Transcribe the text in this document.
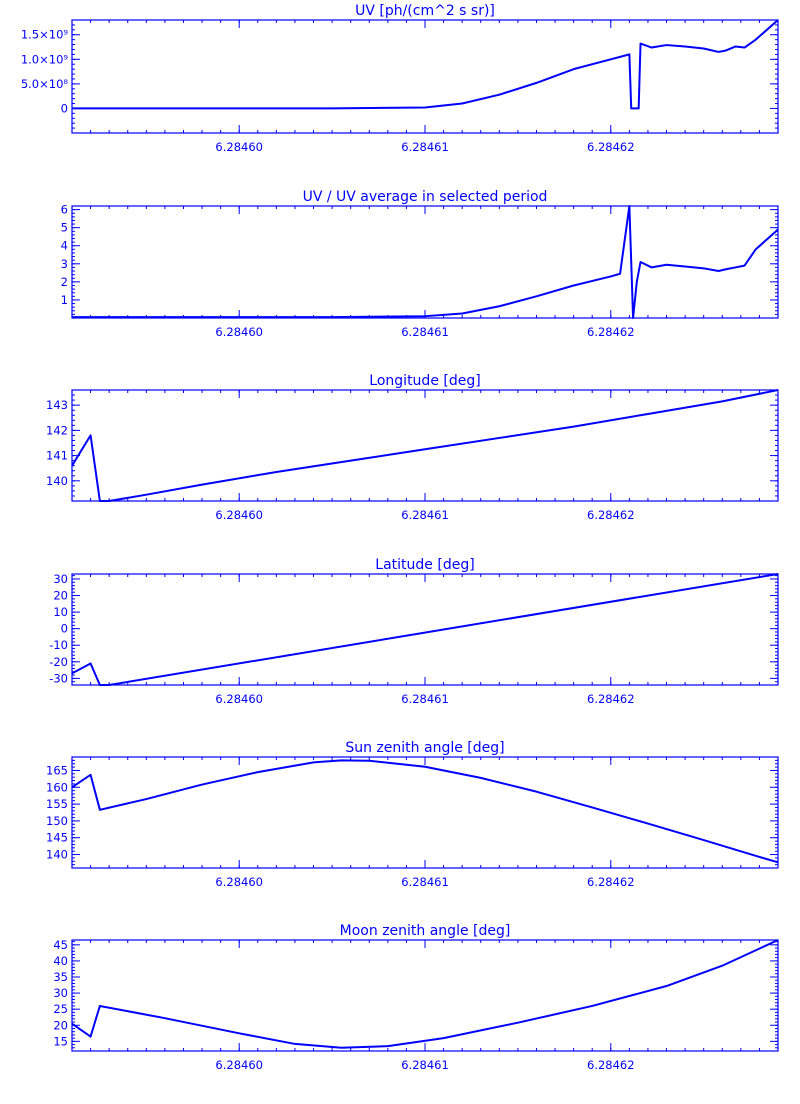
UV [ph/(cm^2 s sr)]
6.28460	6.28461	6.28462
0
5.0×10⁸
1.0×10⁹
1.5×10⁹
UV / UV average in selected period
6.28460	6.28461	6.28462
1
2
3
4
5
6
Longitude [deg]
6.28460	6.28461	6.28462
140
141
142
143
Latitude [deg]
6.28460	6.28461	6.28462
-30
-20
-10
0
10
20
30
Sun zenith angle [deg]
6.28460	6.28461	6.28462
140
145
150
155
160
165
Moon zenith angle [deg]
6.28460	6.28461	6.28462
15
20
25
30
35
40
45
